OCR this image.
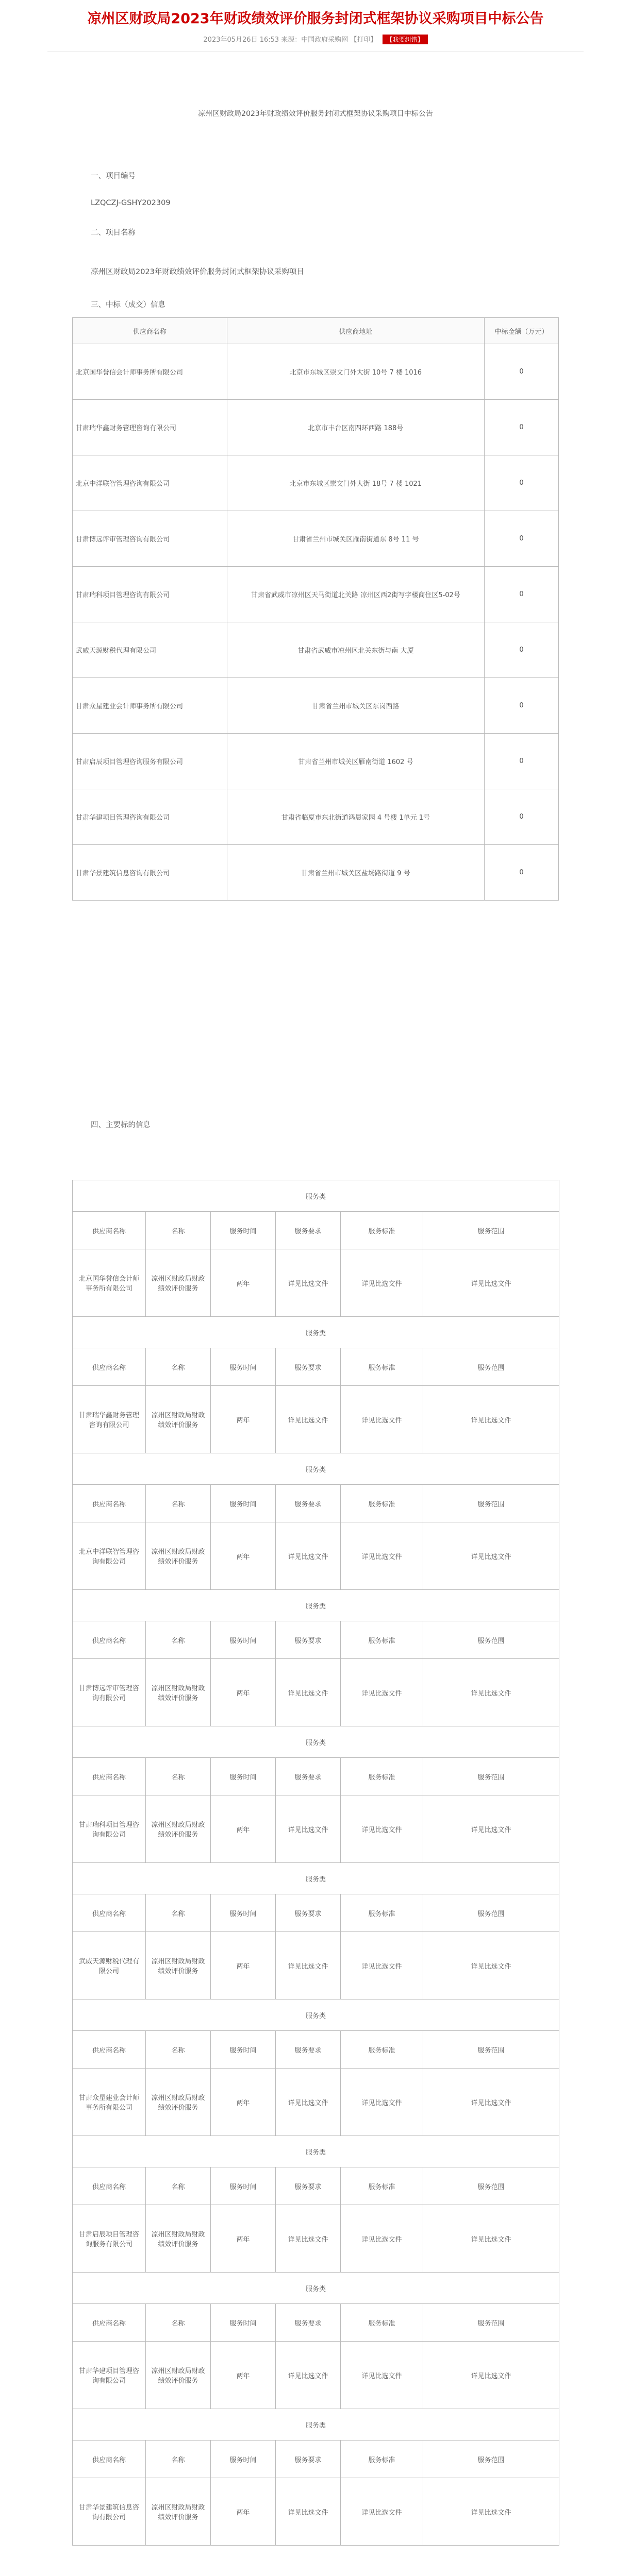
凉州区财政局2023年财政绩效评价服务封闭式框架协议采购项目中标公告
2023年05月26日 16:53 来源：中国政府采购网 【打印】 【我要纠错】
凉州区财政局2023年财政绩效评价服务封闭式框架协议采购项目中标公告
一、项目编号
LZQCZJ-GSHY202309
二、项目名称
凉州区财政局2023年财政绩效评价服务封闭式框架协议采购项目
三、中标（成交）信息
供应商名称	供应商地址	中标金额（万元）
北京国华誉信会计师事务所有限公司	北京市东城区崇文门外大街 10号 7 楼 1016	0
甘肃瑞华鑫财务管理咨询有限公司	北京市丰台区南四环西路 188号	0
北京中洋联智管理咨询有限公司	北京市东城区崇文门外大街 18号 7 楼 1021	0
甘肃博远评审管理咨询有限公司	甘肃省兰州市城关区雁南街道东 8号 11 号	0
甘肃瑞科项目管理咨询有限公司	甘肃省武威市凉州区天马街道北关路 凉州区西2街写字楼商住区5-02号	0
武威天源财税代理有限公司	甘肃省武威市凉州区北关东街与南 大厦	0
甘肃众星建业会计师事务所有限公司	甘肃省兰州市城关区东岗西路	0
甘肃启辰项目管理咨询服务有限公司	甘肃省兰州市城关区雁南街道 1602 号	0
甘肃华建项目管理咨询有限公司	甘肃省临夏市东北街道鸿晨家园 4 号楼 1单元 1号	0
甘肃华景建筑信息咨询有限公司	甘肃省兰州市城关区盐场路街道 9 号	0
四、主要标的信息
服务类					
供应商名称	名称	服务时间	服务要求	服务标准	服务范围
北京国华誉信会计师事务所有限公司	凉州区财政局财政绩效评价服务	两年	详见比选文件	详见比选文件	详见比选文件
服务类					
供应商名称	名称	服务时间	服务要求	服务标准	服务范围
甘肃瑞华鑫财务管理咨询有限公司	凉州区财政局财政绩效评价服务	两年	详见比选文件	详见比选文件	详见比选文件
服务类					
供应商名称	名称	服务时间	服务要求	服务标准	服务范围
北京中洋联智管理咨询有限公司	凉州区财政局财政绩效评价服务	两年	详见比选文件	详见比选文件	详见比选文件
服务类					
供应商名称	名称	服务时间	服务要求	服务标准	服务范围
甘肃博远评审管理咨询有限公司	凉州区财政局财政绩效评价服务	两年	详见比选文件	详见比选文件	详见比选文件
服务类					
供应商名称	名称	服务时间	服务要求	服务标准	服务范围
甘肃瑞科项目管理咨询有限公司	凉州区财政局财政绩效评价服务	两年	详见比选文件	详见比选文件	详见比选文件
服务类					
供应商名称	名称	服务时间	服务要求	服务标准	服务范围
武威天源财税代理有限公司	凉州区财政局财政绩效评价服务	两年	详见比选文件	详见比选文件	详见比选文件
服务类					
供应商名称	名称	服务时间	服务要求	服务标准	服务范围
甘肃众星建业会计师事务所有限公司	凉州区财政局财政绩效评价服务	两年	详见比选文件	详见比选文件	详见比选文件
服务类					
供应商名称	名称	服务时间	服务要求	服务标准	服务范围
甘肃启辰项目管理咨询服务有限公司	凉州区财政局财政绩效评价服务	两年	详见比选文件	详见比选文件	详见比选文件
服务类					
供应商名称	名称	服务时间	服务要求	服务标准	服务范围
甘肃华建项目管理咨询有限公司	凉州区财政局财政绩效评价服务	两年	详见比选文件	详见比选文件	详见比选文件
服务类					
供应商名称	名称	服务时间	服务要求	服务标准	服务范围
甘肃华景建筑信息咨询有限公司	凉州区财政局财政绩效评价服务	两年	详见比选文件	详见比选文件	详见比选文件
